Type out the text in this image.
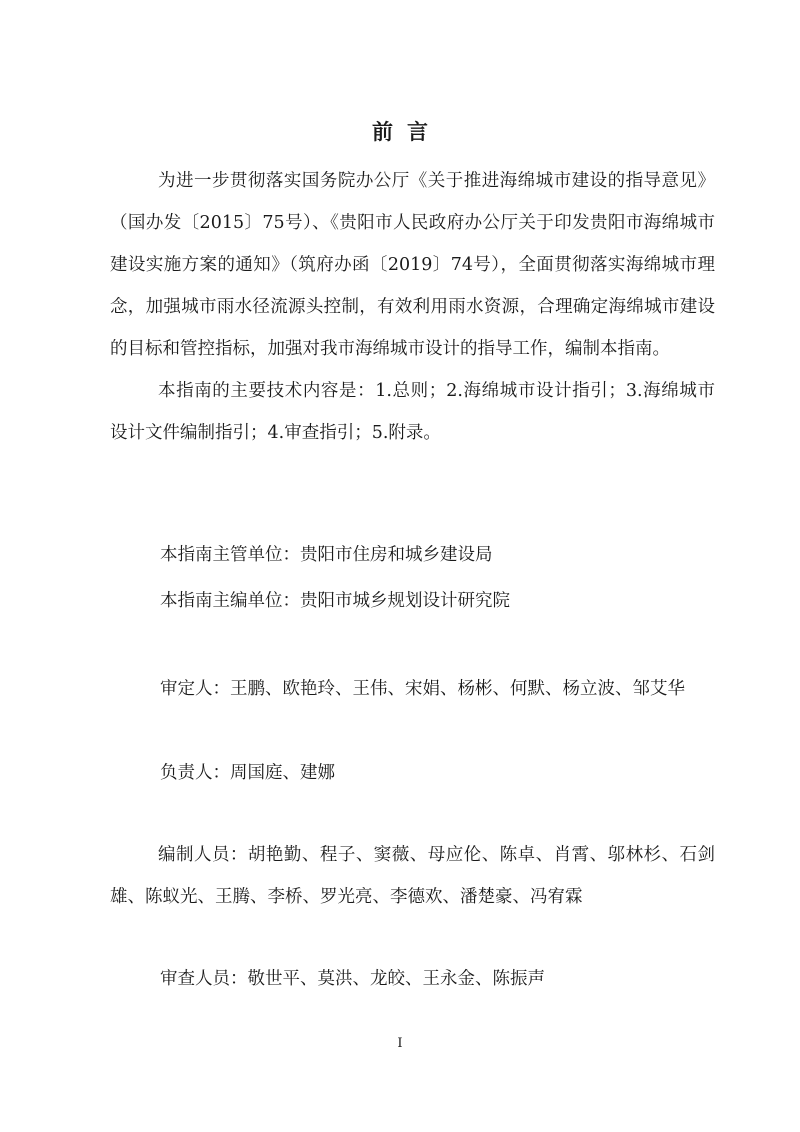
前言

为进一步贯彻落实国务院办公厅《关于推进海绵城市建设的指导意见》（国办发〔2015〕75号）、《贵阳市人民政府办公厅关于印发贵阳市海绵城市建设实施方案的通知》（筑府办函〔2019〕74号），全面贯彻落实海绵城市理念，加强城市雨水径流源头控制，有效利用雨水资源，合理确定海绵城市建设的目标和管控指标，加强对我市海绵城市设计的指导工作，编制本指南。

本指南的主要技术内容是：1.总则；2.海绵城市设计指引；3.海绵城市设计文件编制指引；4.审查指引；5.附录。

本指南主管单位：贵阳市住房和城乡建设局
本指南主编单位：贵阳市城乡规划设计研究院
审定人：王鹏、欧艳玲、王伟、宋娟、杨彬、何默、杨立波、邹艾华
负责人：周国庭、建娜
编制人员：胡艳勤、程子、窦薇、母应伦、陈卓、肖霄、邬林杉、石剑雄、陈蚁光、王腾、李桥、罗光亮、李德欢、潘楚豪、冯宥霖
审查人员：敬世平、莫洪、龙皎、王永金、陈振声
I
